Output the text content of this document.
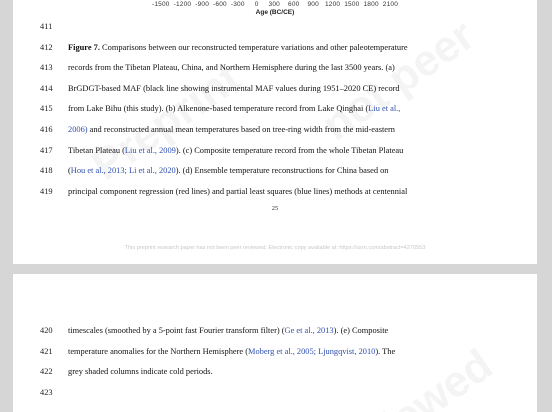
-1500  -1200  -900  -600  -300     0     300    600    900   1200  1500  1800  2100
Age (BC/CE)
411
412	Figure 7. Comparisons between our reconstructed temperature variations and other paleotemperature
413	records from the Tibetan Plateau, China, and Northern Hemisphere during the last 3500 years. (a)
414	BrGDGT-based MAF (black line showing instrumental MAF values during 1951–2020 CE) record
415	from Lake Bihu (this study). (b) Alkenone-based temperature record from Lake Qinghai (Liu et al.,
416	2006) and reconstructed annual mean temperatures based on tree-ring width from the mid-eastern
417	Tibetan Plateau (Liu et al., 2009). (c) Composite temperature record from the whole Tibetan Plateau
418	(Hou et al., 2013; Li et al., 2020). (d) Ensemble temperature reconstructions for China based on
419	principal component regression (red lines) and partial least squares (blue lines) methods at centennial
25
This preprint research paper has not been peer reviewed. Electronic copy available at: https://ssrn.com/abstract=4270553
420	timescales (smoothed by a 5-point fast Fourier transform filter) (Ge et al., 2013). (e) Composite
421	temperature anomalies for the Northern Hemisphere (Moberg et al., 2005; Ljungqvist, 2010). The
422	grey shaded columns indicate cold periods.
423
